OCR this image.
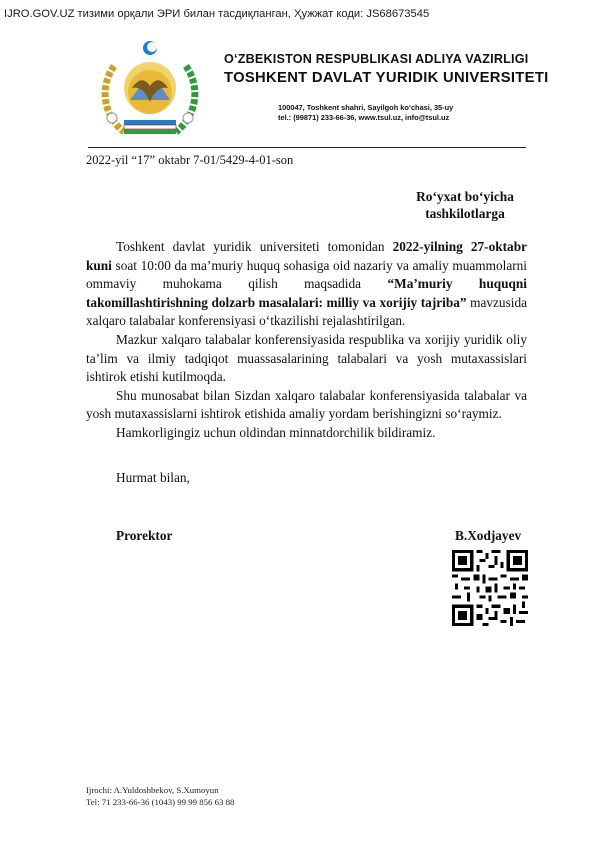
IJRO.GOV.UZ тизими орқали ЭРИ билан тасдиқланган, Ҳужжат коди: JS68673545
O‘ZBEKISTON RESPUBLIKASI ADLIYA VAZIRLIGI
TOSHKENT DAVLAT YURIDIK UNIVERSITETI
100047, Toshkent shahri, Sayilgoh ko‘chasi, 35-uy
tel.: (99871) 233-66-36, www.tsul.uz, info@tsul.uz
2022-yil “17” oktabr 7-01/5429-4-01-son
Ro‘yxat bo‘yicha
tashkilotlarga

Toshkent davlat yuridik universiteti tomonidan 2022-yilning 27-oktabr kuni soat 10:00 da ma’muriy huquq sohasiga oid nazariy va amaliy muammolarni ommaviy muhokama qilish maqsadida “Ma’muriy huquqni takomillashtirishning dolzarb masalalari: milliy va xorijiy tajriba” mavzusida xalqaro talabalar konferensiyasi o‘tkazilishi rejalashtirilgan.

Mazkur xalqaro talabalar konferensiyasida respublika va xorijiy yuridik oliy ta’lim va ilmiy tadqiqot muassasalarining talabalari va yosh mutaxassislari ishtirok etishi kutilmoqda.

Shu munosabat bilan Sizdan xalqaro talabalar konferensiyasida talabalar va yosh mutaxassislarni ishtirok etishida amaliy yordam berishingizni so‘raymiz.

Hamkorligingiz uchun oldindan minnatdorchilik bildiramiz.

Hurmat bilan,
Prorektor	B.Xodjayev
Ijrochi: A.Yuldoshbekov, S.Xumoyun
Tel: 71 233-66-36 (1043) 99 99 856 63 88
